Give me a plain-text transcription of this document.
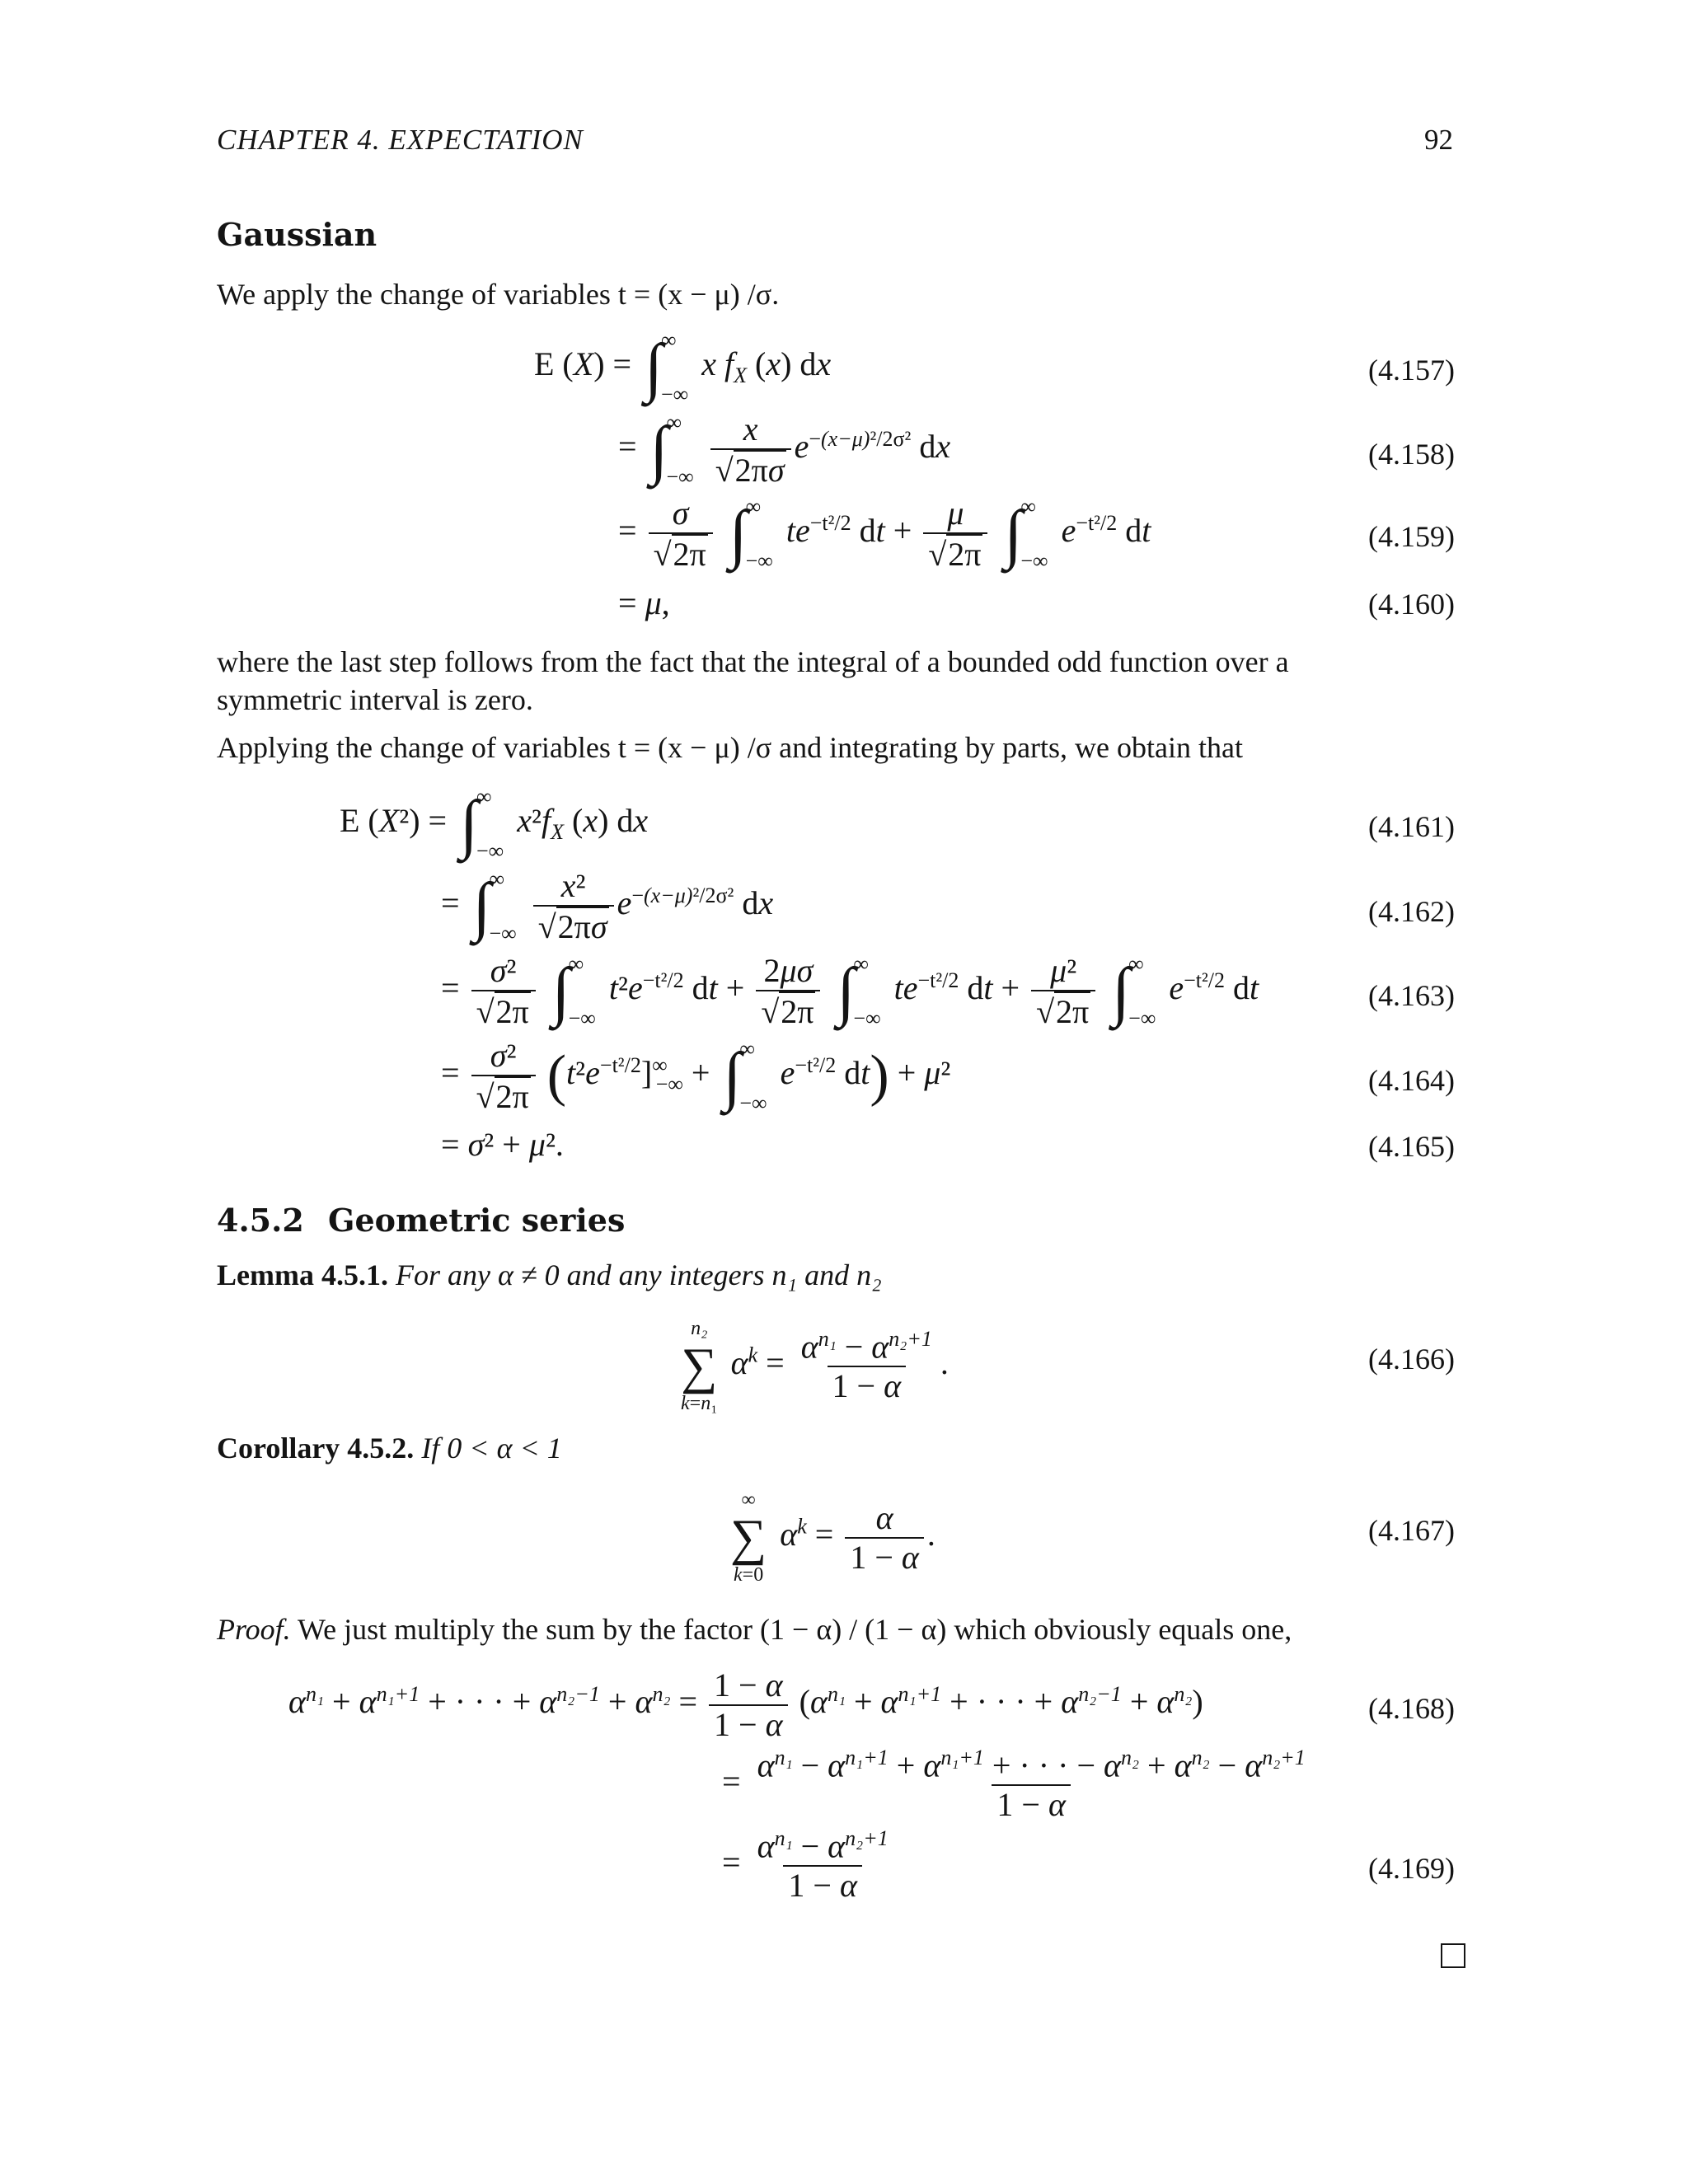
CHAPTER 4. EXPECTATION	92
Gaussian
We apply the change of variables t = (x − μ) /σ.
E (X) = ∫
∞
−∞
x $f_X$ (x) dx	(4.157)
= ∫
∞
−∞
$\frac{x}{√2\pi\sigma} e^{-(x-\mu)^2/2\sigma^2}$ dx	(4.158)
= $\frac{\sigma}{√2\pi}$
∫
∞
−∞
$te^{-t^2/2}$ dt + $\frac{\mu}{√2\pi}$
∫
∞
−∞
$e^{-t^2/2}$ dt	(4.159)
= μ,	(4.160)
where the last step follows from the fact that the integral of a bounded odd function over a
symmetric interval is zero.
Applying the change of variables t = (x − μ) /σ and integrating by parts, we obtain that
E (X²) = ∫
∞
−∞
$x^2f_X$ (x) dx	(4.161)
= ∫
∞
−∞
$\frac{\text{x²}}{√2\pi\sigma} e^{-(x-\mu)^2/2\sigma^2}$ dx	(4.162)
= $\frac{\text{σ²}}{√2\pi}$
∫
∞
−∞
$t^2e^{-t^2/2}$ dt + $\frac{2\mu\sigma}{√2\pi}$
∫
∞
−∞
$te^{-t^2/2}$ dt + $\frac{\text{μ²}}{√2\pi}$
∫
∞
−∞
$e^{-t^2/2}$ dt	(4.163)
= $\frac{\text{σ²}}{√2\pi} (t^2e^{-t^2/2}]^\infty_{-\infty}$ + ∫
∞
−∞
$e^{-t^2/2}$ dt) + μ²	(4.164)
= σ² + μ².	(4.165)
4.5.2 Geometric series
Lemma 4.5.1. For any α ≠ 0 and any integers n₁ and n₂
n₂
∑
k=n₁
$\alpha^k = \frac{\alpha^{n_1} - \alpha^{n_2+1}}{1 - \alpha}$ .	(4.166)
Corollary 4.5.2. If 0 < α < 1
∞
∑
k=0
$\alpha^k = \frac{\alpha}{1 - \alpha}$ .	(4.167)
Proof. We just multiply the sum by the factor (1 − α) / (1 − α) which obviously equals one,
$\alpha^{n_1} + \alpha^{n_1+1}$ + · · · + $\alpha^{n_2-1} + \alpha^{n_2} = \frac{1 - \alpha}{1 - \alpha} (\alpha^{n_1} + \alpha^{n_1+1}$ + · · · + $\alpha^{n_2-1} + \alpha^{n_2}$)	(4.168)
= $\frac{\alpha^{n_1} - \alpha^{n_1+1} + \alpha^{n_1+1} + \cdot \cdot \cdot - \alpha^{n_2} + \alpha^{n_2} - \alpha^{n_2+1}}{1 - \alpha}$
= $\frac{\alpha^{n_1} - \alpha^{n_2+1}}{1 - \alpha}$	(4.169)
